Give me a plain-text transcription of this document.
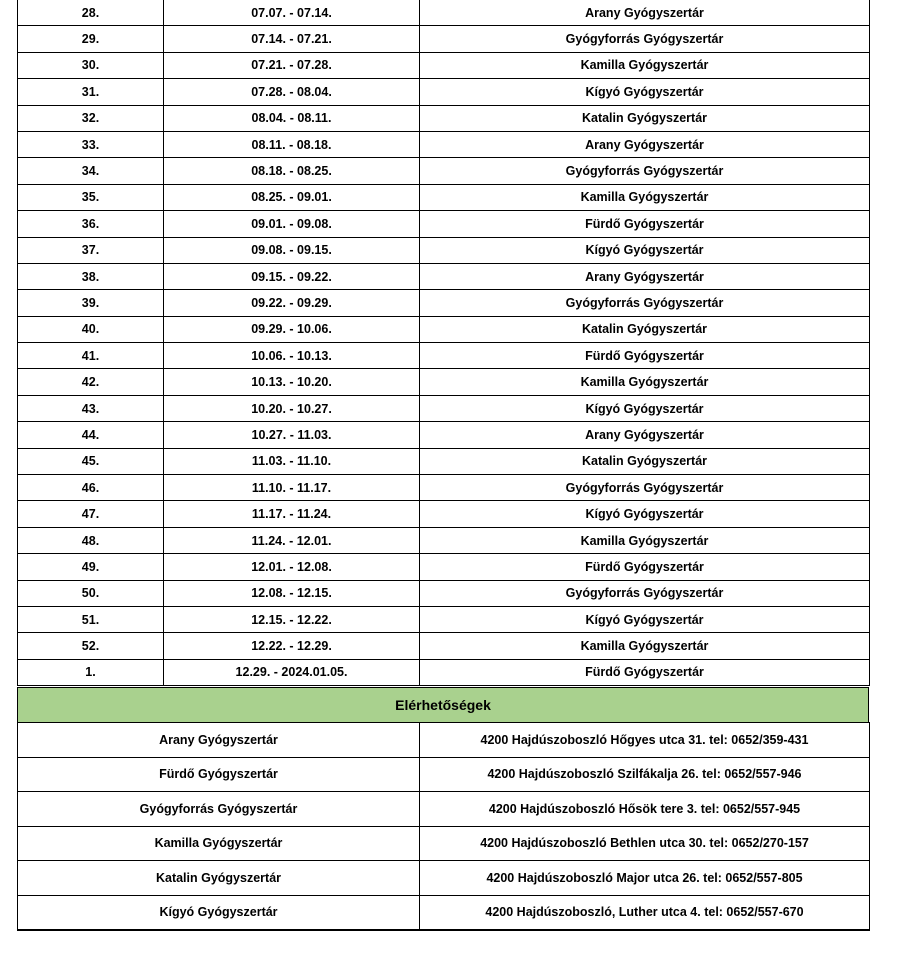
28.	07.07. - 07.14.	Arany Gyógyszertár
29.	07.14. - 07.21.	Gyógyforrás Gyógyszertár
30.	07.21. - 07.28.	Kamilla Gyógyszertár
31.	07.28. - 08.04.	Kígyó Gyógyszertár
32.	08.04. - 08.11.	Katalin Gyógyszertár
33.	08.11. - 08.18.	Arany Gyógyszertár
34.	08.18. - 08.25.	Gyógyforrás Gyógyszertár
35.	08.25. - 09.01.	Kamilla Gyógyszertár
36.	09.01. - 09.08.	Fürdő Gyógyszertár
37.	09.08. - 09.15.	Kígyó Gyógyszertár
38.	09.15. - 09.22.	Arany Gyógyszertár
39.	09.22. - 09.29.	Gyógyforrás Gyógyszertár
40.	09.29. - 10.06.	Katalin Gyógyszertár
41.	10.06. - 10.13.	Fürdő Gyógyszertár
42.	10.13. - 10.20.	Kamilla Gyógyszertár
43.	10.20. - 10.27.	Kígyó Gyógyszertár
44.	10.27. - 11.03.	Arany Gyógyszertár
45.	11.03. - 11.10.	Katalin Gyógyszertár
46.	11.10. - 11.17.	Gyógyforrás Gyógyszertár
47.	11.17. - 11.24.	Kígyó Gyógyszertár
48.	11.24. - 12.01.	Kamilla Gyógyszertár
49.	12.01. - 12.08.	Fürdő Gyógyszertár
50.	12.08. - 12.15.	Gyógyforrás Gyógyszertár
51.	12.15. - 12.22.	Kígyó Gyógyszertár
52.	12.22. - 12.29.	Kamilla Gyógyszertár
1.	12.29. - 2024.01.05.	Fürdő Gyógyszertár
Elérhetőségek
Arany Gyógyszertár	4200 Hajdúszoboszló Hőgyes utca 31. tel: 0652/359-431
Fürdő Gyógyszertár	4200 Hajdúszoboszló Szilfákalja 26. tel: 0652/557-946
Gyógyforrás Gyógyszertár	4200 Hajdúszoboszló Hősök tere 3. tel: 0652/557-945
Kamilla Gyógyszertár	4200 Hajdúszoboszló Bethlen utca 30. tel: 0652/270-157
Katalin Gyógyszertár	4200 Hajdúszoboszló Major utca 26. tel: 0652/557-805
Kígyó Gyógyszertár	4200 Hajdúszoboszló, Luther utca 4. tel: 0652/557-670
